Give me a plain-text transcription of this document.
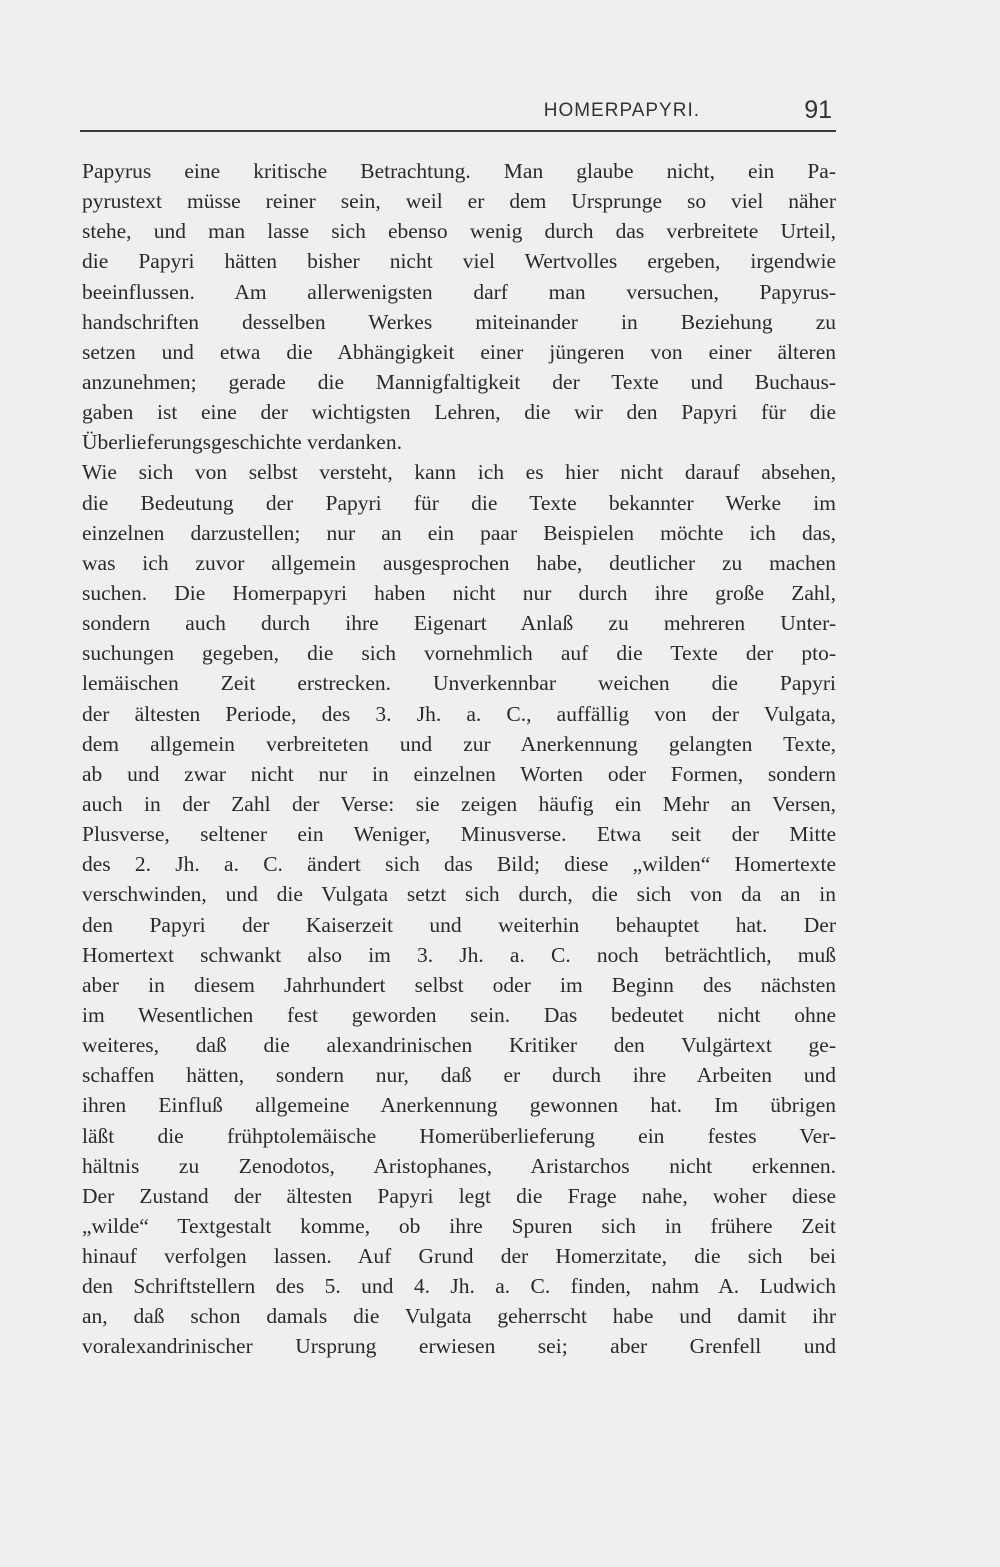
HOMERPAPYRI.	91
Papyrus eine kritische Betrachtung. Man glaube nicht, ein Pa-
pyrustext müsse reiner sein, weil er dem Ursprunge so viel näher
stehe, und man lasse sich ebenso wenig durch das verbreitete Urteil,
die Papyri hätten bisher nicht viel Wertvolles ergeben, irgendwie
beeinflussen. Am allerwenigsten darf man versuchen, Papyrus-
handschriften desselben Werkes miteinander in Beziehung zu
setzen und etwa die Abhängigkeit einer jüngeren von einer älteren
anzunehmen; gerade die Mannigfaltigkeit der Texte und Buchaus-
gaben ist eine der wichtigsten Lehren, die wir den Papyri für die
Überlieferungsgeschichte verdanken.
Wie sich von selbst versteht, kann ich es hier nicht darauf absehen,
die Bedeutung der Papyri für die Texte bekannter Werke im
einzelnen darzustellen; nur an ein paar Beispielen möchte ich das,
was ich zuvor allgemein ausgesprochen habe, deutlicher zu machen
suchen. Die Homerpapyri haben nicht nur durch ihre große Zahl,
sondern auch durch ihre Eigenart Anlaß zu mehreren Unter-
suchungen gegeben, die sich vornehmlich auf die Texte der pto-
lemäischen Zeit erstrecken. Unverkennbar weichen die Papyri
der ältesten Periode, des 3. Jh. a. C., auffällig von der Vulgata,
dem allgemein verbreiteten und zur Anerkennung gelangten Texte,
ab und zwar nicht nur in einzelnen Worten oder Formen, sondern
auch in der Zahl der Verse: sie zeigen häufig ein Mehr an Versen,
Plusverse, seltener ein Weniger, Minusverse. Etwa seit der Mitte
des 2. Jh. a. C. ändert sich das Bild; diese „wilden“ Homertexte
verschwinden, und die Vulgata setzt sich durch, die sich von da an in
den Papyri der Kaiserzeit und weiterhin behauptet hat. Der
Homertext schwankt also im 3. Jh. a. C. noch beträchtlich, muß
aber in diesem Jahrhundert selbst oder im Beginn des nächsten
im Wesentlichen fest geworden sein. Das bedeutet nicht ohne
weiteres, daß die alexandrinischen Kritiker den Vulgärtext ge-
schaffen hätten, sondern nur, daß er durch ihre Arbeiten und
ihren Einfluß allgemeine Anerkennung gewonnen hat. Im übrigen
läßt die frühptolemäische Homerüberlieferung ein festes Ver-
hältnis zu Zenodotos, Aristophanes, Aristarchos nicht erkennen.
Der Zustand der ältesten Papyri legt die Frage nahe, woher diese
„wilde“ Textgestalt komme, ob ihre Spuren sich in frühere Zeit
hinauf verfolgen lassen. Auf Grund der Homerzitate, die sich bei
den Schriftstellern des 5. und 4. Jh. a. C. finden, nahm A. Ludwich
an, daß schon damals die Vulgata geherrscht habe und damit ihr
voralexandrinischer Ursprung erwiesen sei; aber Grenfell und
